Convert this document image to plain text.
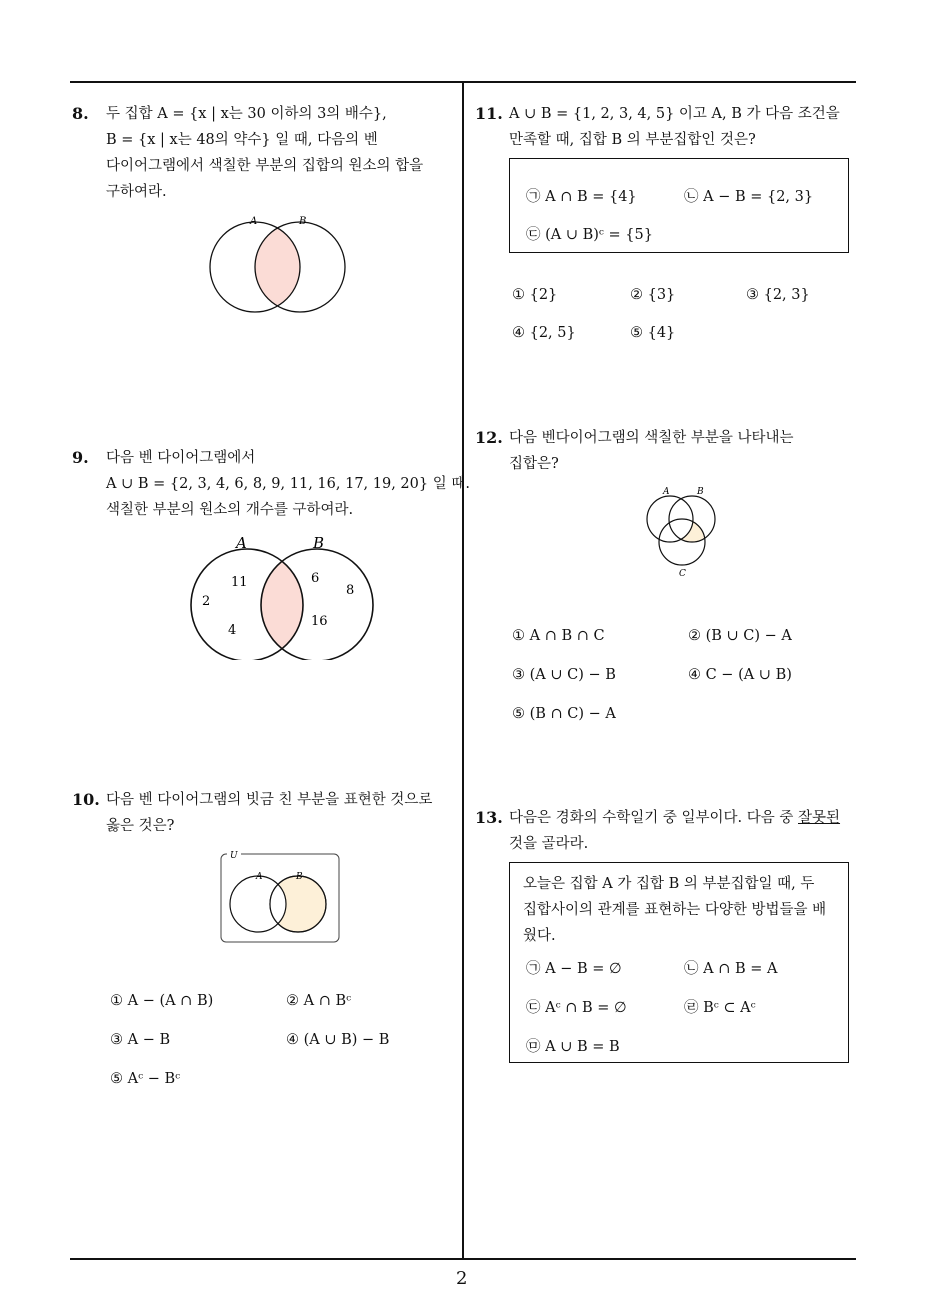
8. 두 집합 A = {x | x는 30 이하의 3의 배수},
B = {x | x는 48의 약수} 일 때, 다음의 벤
다이어그램에서 색칠한 부분의 집합의 원소의 합을
구하여라.
A	B
9. 다음 벤 다이어그램에서
A ∪ B = {2, 3, 4, 6, 8, 9, 11, 16, 17, 19, 20} 일 때.
색칠한 부분의 원소의 개수를 구하여라.
A	B
11
2
4
6
8
16
10. 다음 벤 다이어그램의 빗금 친 부분을 표현한 것으로
옳은 것은?
U
A	B
① A − (A ∩ B)	② A ∩ Bᶜ
③ A − B	④ (A ∪ B) − B
⑤ Aᶜ − Bᶜ
11. A ∪ B = {1, 2, 3, 4, 5} 이고 A, B 가 다음 조건을
만족할 때, 집합 B 의 부분집합인 것은?
㉠ A ∩ B = {4}	㉡ A − B = {2, 3}
㉢ (A ∪ B)ᶜ = {5}
① {2}	② {3}	③ {2, 3}
④ {2, 5}	⑤ {4}
12. 다음 벤다이어그램의 색칠한 부분을 나타내는
집합은?
A	B
C
① A ∩ B ∩ C	② (B ∪ C) − A
③ (A ∪ C) − B	④ C − (A ∪ B)
⑤ (B ∩ C) − A
13. 다음은 경화의 수학일기 중 일부이다. 다음 중 잘못된
것을 골라라.
오늘은 집합 A 가 집합 B 의 부분집합일 때, 두
집합사이의 관계를 표현하는 다양한 방법들을 배
웠다.
㉠ A − B = ∅	㉡ A ∩ B = A
㉢ Aᶜ ∩ B = ∅	㉣ Bᶜ ⊂ Aᶜ
㉤ A ∪ B = B
2
